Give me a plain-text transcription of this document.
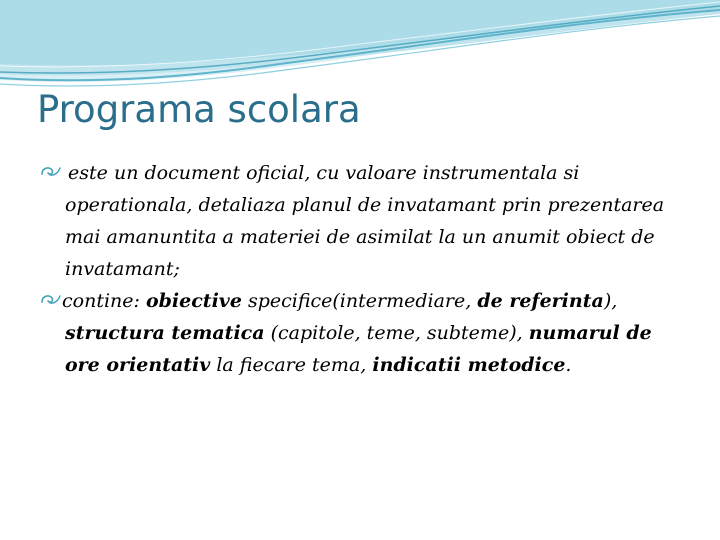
Programa scolara

este un document oficial, cu valoare instrumentala si operationala, detaliaza planul de invatamant prin prezentarea mai amanuntita a materiei de asimilat la un anumit obiect de invatamant;

contine: obiective specifice(intermediare, de referinta), structura tematica (capitole, teme, subteme), numarul de ore orientativ la fiecare tema, indicatii metodice.
